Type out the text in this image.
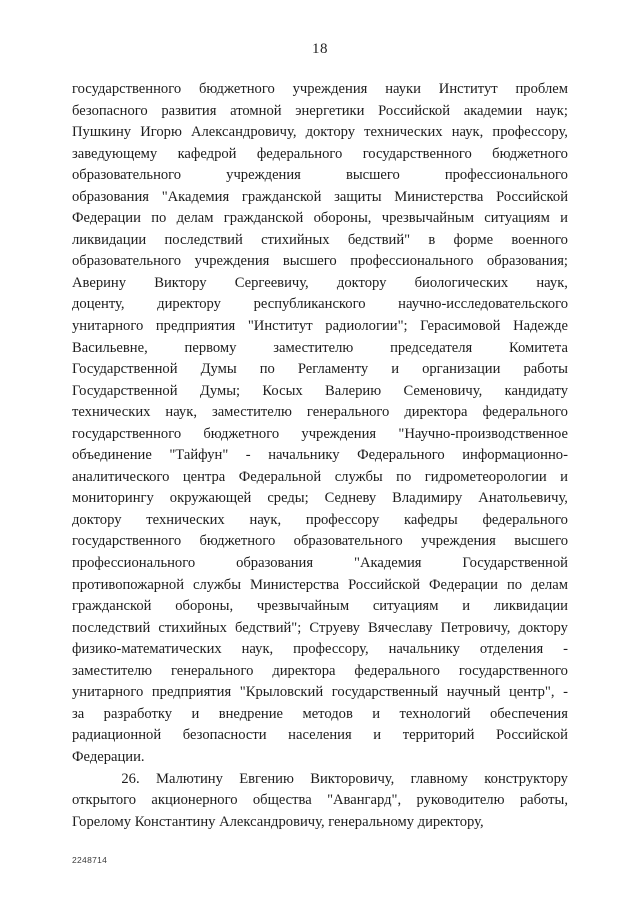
18
государственного бюджетного учреждения науки Институт проблем
безопасного развития атомной энергетики Российской академии наук;
Пушкину Игорю Александровичу, доктору технических наук, профессору,
заведующему кафедрой федерального государственного бюджетного
образовательного	учреждения	высшего	профессионального
образования "Академия гражданской защиты Министерства Российской
Федерации по делам гражданской обороны, чрезвычайным ситуациям и
ликвидации последствий стихийных бедствий" в форме военного
образовательного учреждения высшего профессионального образования;
Аверину Виктору Сергеевичу, доктору биологических наук,
доценту, директору республиканского научно-исследовательского
унитарного предприятия "Институт радиологии"; Герасимовой Надежде
Васильевне,	первому	заместителю	председателя	Комитета
Государственной Думы по Регламенту и организации работы
Государственной Думы; Косых Валерию Семеновичу, кандидату
технических наук, заместителю генерального директора федерального
государственного бюджетного учреждения "Научно-производственное
объединение "Тайфун" - начальнику Федерального информационно-
аналитического центра Федеральной службы по гидрометеорологии и
мониторингу окружающей среды; Седневу Владимиру Анатольевичу,
доктору технических наук, профессору кафедры федерального
государственного бюджетного образовательного учреждения высшего
профессионального	образования	"Академия	Государственной
противопожарной службы Министерства Российской Федерации по делам
гражданской обороны, чрезвычайным ситуациям и ликвидации
последствий стихийных бедствий"; Струеву Вячеславу Петровичу, доктору
физико-математических наук, профессору, начальнику отделения -
заместителю генерального директора федерального государственного
унитарного предприятия "Крыловский государственный научный центр", -
за разработку и внедрение методов и технологий обеспечения
радиационной безопасности населения и территорий Российской
Федерации.
26. Малютину Евгению Викторовичу, главному конструктору
открытого акционерного общества "Авангард", руководителю работы,
Горелому Константину Александровичу, генеральному директору,
2248714
